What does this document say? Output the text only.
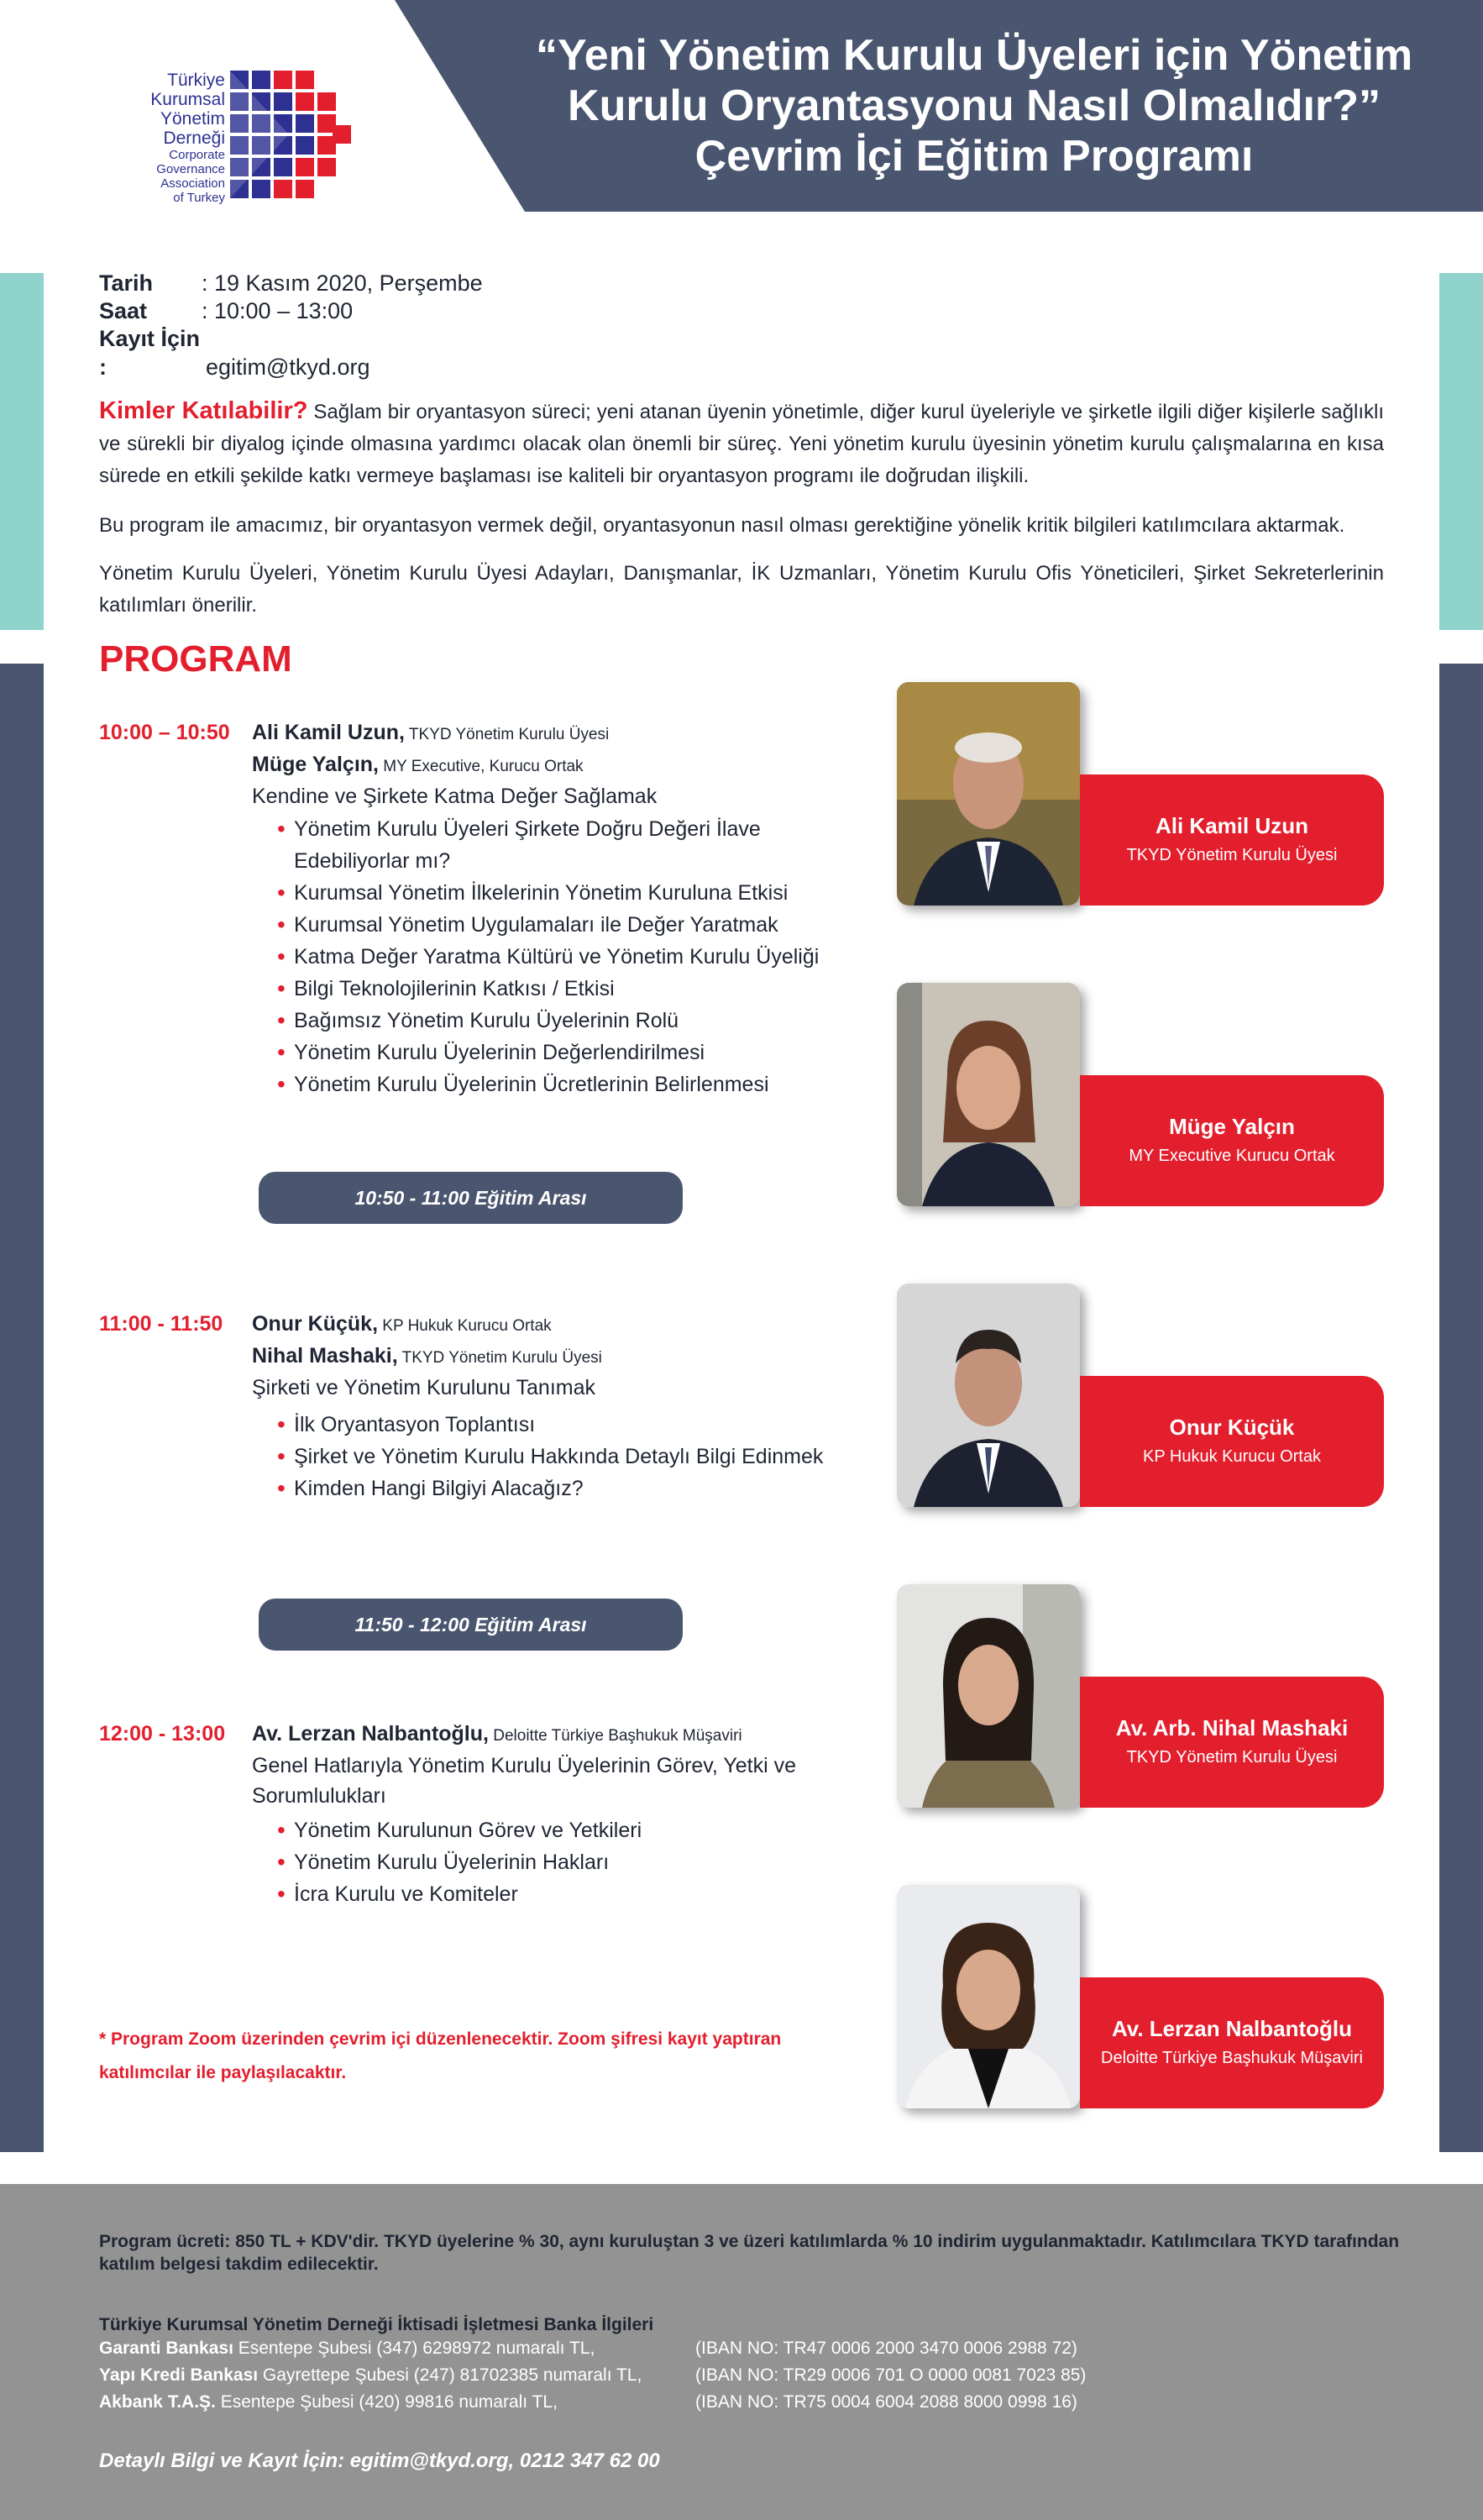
“Yeni Yönetim Kurulu Üyeleri için Yönetim
Kurulu Oryantasyonu Nasıl Olmalıdır?”
Çevrim İçi Eğitim Programı
Türkiye
Kurumsal
Yönetim
Derneği
Corporate
Governance
Association
of Turkey
Tarih : 19 Kasım 2020, Perşembe
Saat : 10:00 – 13:00
Kayıt İçin :	egitim@tkyd.org
Kimler Katılabilir? Sağlam bir oryantasyon süreci; yeni atanan üyenin yönetimle, diğer kurul üyeleriyle ve şirketle ilgili diğer kişilerle sağlıklı ve sürekli bir diyalog içinde olmasına yardımcı olacak olan önemli bir süreç. Yeni yönetim kurulu üyesinin yönetim kurulu çalışmalarına en kısa sürede en etkili şekilde katkı vermeye başlaması ise kaliteli bir oryantasyon programı ile doğrudan ilişkili.
Bu program ile amacımız, bir oryantasyon vermek değil, oryantasyonun nasıl olması gerektiğine yönelik kritik bilgileri katılımcılara aktarmak.
Yönetim Kurulu Üyeleri, Yönetim Kurulu Üyesi Adayları, Danışmanlar, İK Uzmanları, Yönetim Kurulu Ofis Yöneticileri, Şirket Sekreterlerinin katılımları önerilir.
PROGRAM
10:00 – 10:50 Ali Kamil Uzun, TKYD Yönetim Kurulu Üyesi
Müge Yalçın, MY Executive, Kurucu Ortak
Kendine ve Şirkete Katma Değer Sağlamak
• Yönetim Kurulu Üyeleri Şirkete Doğru Değeri İlave Edebiliyorlar mı?
• Kurumsal Yönetim İlkelerinin Yönetim Kuruluna Etkisi
• Kurumsal Yönetim Uygulamaları ile Değer Yaratmak
• Katma Değer Yaratma Kültürü ve Yönetim Kurulu Üyeliği
• Bilgi Teknolojilerinin Katkısı / Etkisi
• Bağımsız Yönetim Kurulu Üyelerinin Rolü
• Yönetim Kurulu Üyelerinin Değerlendirilmesi
• Yönetim Kurulu Üyelerinin Ücretlerinin Belirlenmesi
10:50 - 11:00 Eğitim Arası
11:00 - 11:50 Onur Küçük, KP Hukuk Kurucu Ortak
Nihal Mashaki, TKYD Yönetim Kurulu Üyesi
Şirketi ve Yönetim Kurulunu Tanımak
• İlk Oryantasyon Toplantısı
• Şirket ve Yönetim Kurulu Hakkında Detaylı Bilgi Edinmek
• Kimden Hangi Bilgiyi Alacağız?
11:50 - 12:00 Eğitim Arası
12:00 - 13:00 Av. Lerzan Nalbantoğlu, Deloitte Türkiye Başhukuk Müşaviri
Genel Hatlarıyla Yönetim Kurulu Üyelerinin Görev, Yetki ve Sorumlulukları
• Yönetim Kurulunun Görev ve Yetkileri
• Yönetim Kurulu Üyelerinin Hakları
• İcra Kurulu ve Komiteler
* Program Zoom üzerinden çevrim içi düzenlenecektir. Zoom şifresi kayıt yaptıran katılımcılar ile paylaşılacaktır.
Ali Kamil Uzun
TKYD Yönetim Kurulu Üyesi
Müge Yalçın
MY Executive Kurucu Ortak
Onur Küçük
KP Hukuk Kurucu Ortak
Av. Arb. Nihal Mashaki
TKYD Yönetim Kurulu Üyesi
Av. Lerzan Nalbantoğlu
Deloitte Türkiye Başhukuk Müşaviri
Program ücreti: 850 TL + KDV'dir. TKYD üyelerine % 30, aynı kuruluştan 3 ve üzeri katılımlarda % 10 indirim uygulanmaktadır. Katılımcılara TKYD tarafından katılım belgesi takdim edilecektir.
Türkiye Kurumsal Yönetim Derneği İktisadi İşletmesi Banka İlgileri
Garanti Bankası Esentepe Şubesi (347) 6298972 numaralı TL,	(IBAN NO: TR47 0006 2000 3470 0006 2988 72)
Yapı Kredi Bankası Gayrettepe Şubesi (247) 81702385 numaralı TL,	(IBAN NO: TR29 0006 701 O 0000 0081 7023 85)
Akbank T.A.Ş. Esentepe Şubesi (420) 99816 numaralı TL,	(IBAN NO: TR75 0004 6004 2088 8000 0998 16)
Detaylı Bilgi ve Kayıt İçin: egitim@tkyd.org, 0212 347 62 00
